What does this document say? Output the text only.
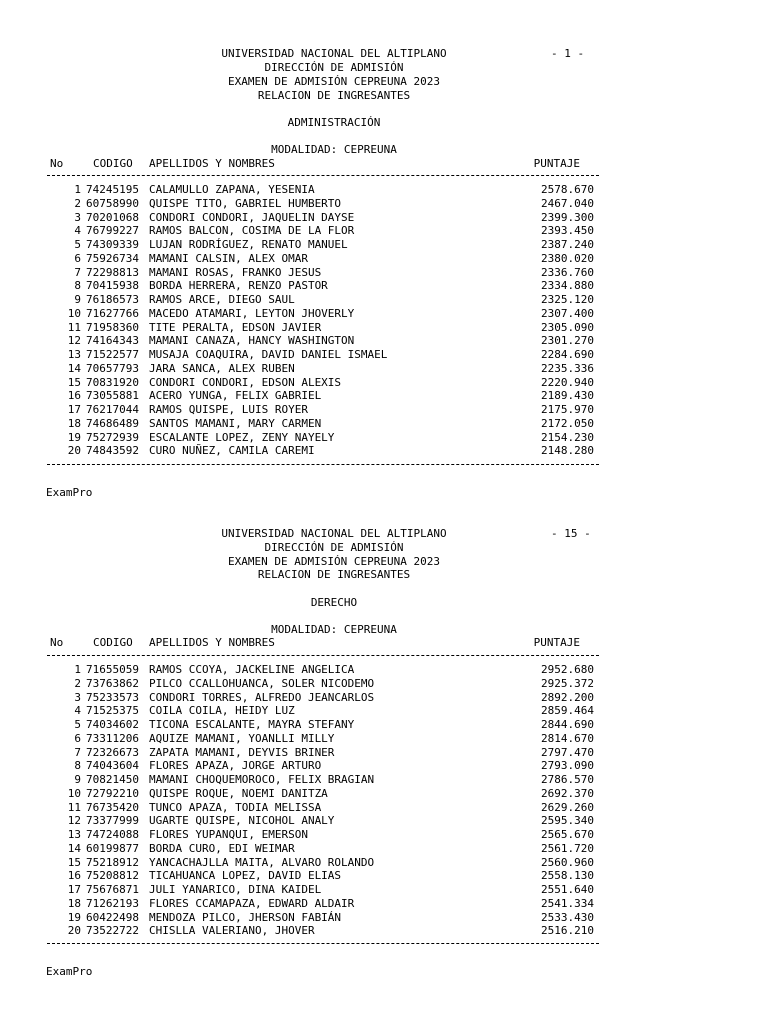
UNIVERSIDAD NACIONAL DEL ALTIPLANO	- 1 -
DIRECCIÓN DE ADMISIÓN
EXAMEN DE ADMISIÓN CEPREUNA 2023
RELACION DE INGRESANTES
ADMINISTRACIÓN
MODALIDAD: CEPREUNA
No	CODIGO APELLIDOS Y NOMBRES	PUNTAJE
1 74245195 CALAMULLO ZAPANA, YESENIA	2578.670
2 60758990 QUISPE TITO, GABRIEL HUMBERTO	2467.040
3 70201068 CONDORI CONDORI, JAQUELIN DAYSE	2399.300
4 76799227 RAMOS BALCON, COSIMA DE LA FLOR	2393.450
5 74309339 LUJAN RODRÍGUEZ, RENATO MANUEL	2387.240
6 75926734 MAMANI CALSIN, ALEX OMAR	2380.020
7 72298813 MAMANI ROSAS, FRANKO JESUS	2336.760
8 70415938 BORDA HERRERA, RENZO PASTOR	2334.880
9 76186573 RAMOS ARCE, DIEGO SAUL	2325.120
10 71627766 MACEDO ATAMARI, LEYTON JHOVERLY	2307.400
11 71958360 TITE PERALTA, EDSON JAVIER	2305.090
12 74164343 MAMANI CANAZA, HANCY WASHINGTON	2301.270
13 71522577 MUSAJA COAQUIRA, DAVID DANIEL ISMAEL	2284.690
14 70657793 JARA SANCA, ALEX RUBEN	2235.336
15 70831920 CONDORI CONDORI, EDSON ALEXIS	2220.940
16 73055881 ACERO YUNGA, FELIX GABRIEL	2189.430
17 76217044 RAMOS QUISPE, LUIS ROYER	2175.970
18 74686489 SANTOS MAMANI, MARY CARMEN	2172.050
19 75272939 ESCALANTE LOPEZ, ZENY NAYELY	2154.230
20 74843592 CURO NUÑEZ, CAMILA CAREMI	2148.280
ExamPro
UNIVERSIDAD NACIONAL DEL ALTIPLANO	- 15 -
DIRECCIÓN DE ADMISIÓN
EXAMEN DE ADMISIÓN CEPREUNA 2023
RELACION DE INGRESANTES
DERECHO
MODALIDAD: CEPREUNA
No	CODIGO APELLIDOS Y NOMBRES	PUNTAJE
1 71655059 RAMOS CCOYA, JACKELINE ANGELICA	2952.680
2 73763862 PILCO CCALLOHUANCA, SOLER NICODEMO	2925.372
3 75233573 CONDORI TORRES, ALFREDO JEANCARLOS	2892.200
4 71525375 COILA COILA, HEIDY LUZ	2859.464
5 74034602 TICONA ESCALANTE, MAYRA STEFANY	2844.690
6 73311206 AQUIZE MAMANI, YOANLLI MILLY	2814.670
7 72326673 ZAPATA MAMANI, DEYVIS BRINER	2797.470
8 74043604 FLORES APAZA, JORGE ARTURO	2793.090
9 70821450 MAMANI CHOQUEMOROCO, FELIX BRAGIAN	2786.570
10 72792210 QUISPE ROQUE, NOEMI DANITZA	2692.370
11 76735420 TUNCO APAZA, TODIA MELISSA	2629.260
12 73377999 UGARTE QUISPE, NICOHOL ANALY	2595.340
13 74724088 FLORES YUPANQUI, EMERSON	2565.670
14 60199877 BORDA CURO, EDI WEIMAR	2561.720
15 75218912 YANCACHAJLLA MAITA, ALVARO ROLANDO	2560.960
16 75208812 TICAHUANCA LOPEZ, DAVID ELIAS	2558.130
17 75676871 JULI YANARICO, DINA KAIDEL	2551.640
18 71262193 FLORES CCAMAPAZA, EDWARD ALDAIR	2541.334
19 60422498 MENDOZA PILCO, JHERSON FABIÁN	2533.430
20 73522722 CHISLLA VALERIANO, JHOVER	2516.210
ExamPro
